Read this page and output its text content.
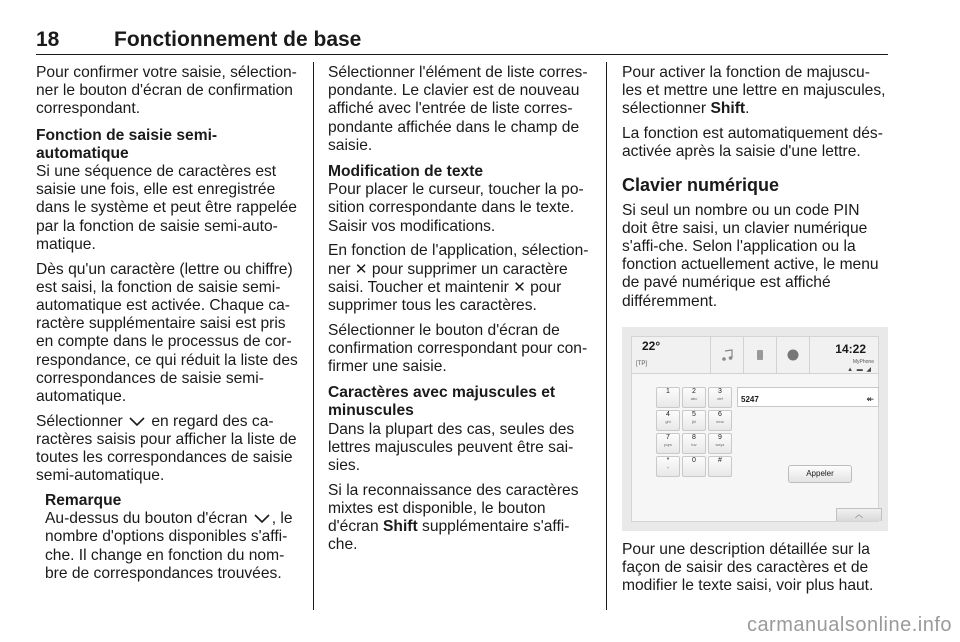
18	Fonctionnement de base

Pour confirmer votre saisie, sélection-ner le bouton d'écran de confirmation correspondant.

Fonction de saisie semi-automatique

Si une séquence de caractères est saisie une fois, elle est enregistrée dans le système et peut être rappelée par la fonction de saisie semi-auto-matique.

Dès qu'un caractère (lettre ou chiffre) est saisi, la fonction de saisie semi-automatique est activée. Chaque ca-ractère supplémentaire saisi est pris en compte dans le processus de cor-respondance, ce qui réduit la liste des correspondances de saisie semi-automatique.

Sélectionner en regard des ca-ractères saisis pour afficher la liste de toutes les correspondances de saisie semi-automatique.

Remarque

Au-dessus du bouton d'écran , le nombre d'options disponibles s'affi-che. Il change en fonction du nom-bre de correspondances trouvées.

Sélectionner l'élément de liste corres-pondante. Le clavier est de nouveau affiché avec l'entrée de liste corres-pondante affichée dans le champ de saisie.

Modification de texte

Pour placer le curseur, toucher la po-sition correspondante dans le texte. Saisir vos modifications.

En fonction de l'application, sélection-ner ✕ pour supprimer un caractère saisi. Toucher et maintenir ✕ pour supprimer tous les caractères.

Sélectionner le bouton d'écran de confirmation correspondant pour con-firmer une saisie.

Caractères avec majuscules et minuscules

Dans la plupart des cas, seules des lettres majuscules peuvent être sai-sies.

Si la reconnaissance des caractères mixtes est disponible, le bouton d'écran Shift supplémentaire s'affi-che.

Pour activer la fonction de majuscu-les et mettre une lettre en majuscules, sélectionner Shift.

La fonction est automatiquement dés-activée après la saisie d'une lettre.

Clavier numérique

Si seul un nombre ou un code PIN doit être saisi, un clavier numérique s'affi-che. Selon l'application ou la fonction actuellement active, le menu de pavé numérique est affiché différemment.

22°
[TP]
14:22
MyPhone
▲ ▬ ◢
1	2
abc
3
def
4
ghi
5
jkl
6
mno
7
pqrs
8
tuv
9
wxyz
*
+
0	#
5247	↞
Appeler
︿

Pour une description détaillée sur la façon de saisir des caractères et de modifier le texte saisi, voir plus haut.

carmanualsonline.info
